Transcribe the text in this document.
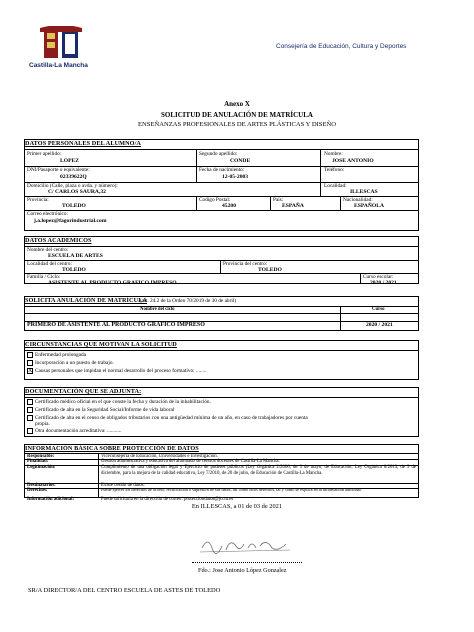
Castilla-La Mancha
Consejería de Educación, Cultura y Deportes
Anexo X
SOLICITUD DE ANULACIÓN DE MATRÍCULA
ENSEÑANZAS PROFESIONALES DE ARTES PLÁSTICAS Y DISEÑO
DATOS PERSONALES DEL ALUMNO/A
Primer apellido:
LOPEZ
Segundo apellido:
CONDE
Nombre:
JOSE ANTONIO
DNI/Pasaporte o equivalente:
02339622Q
Fecha de nacimiento:
12-05-2003
Teléfono:
Domicilio (Calle, plaza o avda. y número):
C/ CARLOS SAURA,32
Localidad:
ILLESCAS
Provincia:
TOLEDO
Codigo Postal:
45200
País:
ESPAÑA
Nacionalidad:
ESPAÑOLA
Correo electrónico:
j.a.lopez@fagorindustrial.com
DATOS ACADEMICOS
Nombre del centro:
ESCUELA DE ARTES
Localidad del centro:
TOLEDO
Provincia del centro:
TOLEDO
Familia / Ciclo:
ASISTENTE AL PRODUCTO GRAFICO IMPRESO
Curso escolar:
2020 / 2021
SOLICITA ANULACIÓN DE MATRÍCULA
(art. 24.2 de la Orden 70/2019 de 30 de abril)
Nombre del ciclo	Curso
PRIMERO DE ASISTENTE AL PRODUCTO GRAFICO IMPRESO	2020 / 2021
CIRCUNSTANCIAS QUE MOTIVAN LA SOLICITUD
Enfermedad prolongada
Incorporación a un puesto de trabajo.
X Causas personales que impidan el normal desarrollo del proceso formativo: ........
DOCUMENTACIÓN QUE SE ADJUNTA:
Certificado médico oficial en el que conste la fecha y duración de la inhabilitación.
Certificado de alta en la Seguridad Social/Informe de vida laboral
Certificado de alta en el censo de obligados tributarios con una antigüedad mínima de un año, en caso de trabajadores por cuenta
propia.
Otra documentación acreditativa: ...........
INFORMACIÓN BÁSICA SOBRE PROTECCIÓN DE DATOS
Responsable:	Viceconsejería de Educación, Universidades e Investigación.
Finalidad:	Gestión administrativa y educativa del alumnado de centros docentes de Castilla-La Mancha.
Legitimación:	Cumplimiento de una obligación legal y Ejercicio de poderes públicos (Ley Orgánica 2/2006, de 3 de mayo, de Educación; Ley Orgánica 8/2013, de 9 de diciembre, para la mejora de la calidad educativa, Ley 7/2010, de 20 de julio, de Educación de Castilla-La Mancha.
Destinatarios:	Existe cesión de datos.
Derechos:	Puede ejercer los derechos de acceso, rectificación o supresión de sus datos, así como otros derechos, tal y como se explica en la información adicional.
Información adicional:	Puede solicitarla en la dirección de correo: protecciondatos@jccm.es
En ILLESCAS, a 01 de 03 de 2021
Fdo.: Jose Antonio López Gonzalez
SR/A DIRECTOR/A DEL CENTRO ESCUELA DE ASTES DE TOLEDO
